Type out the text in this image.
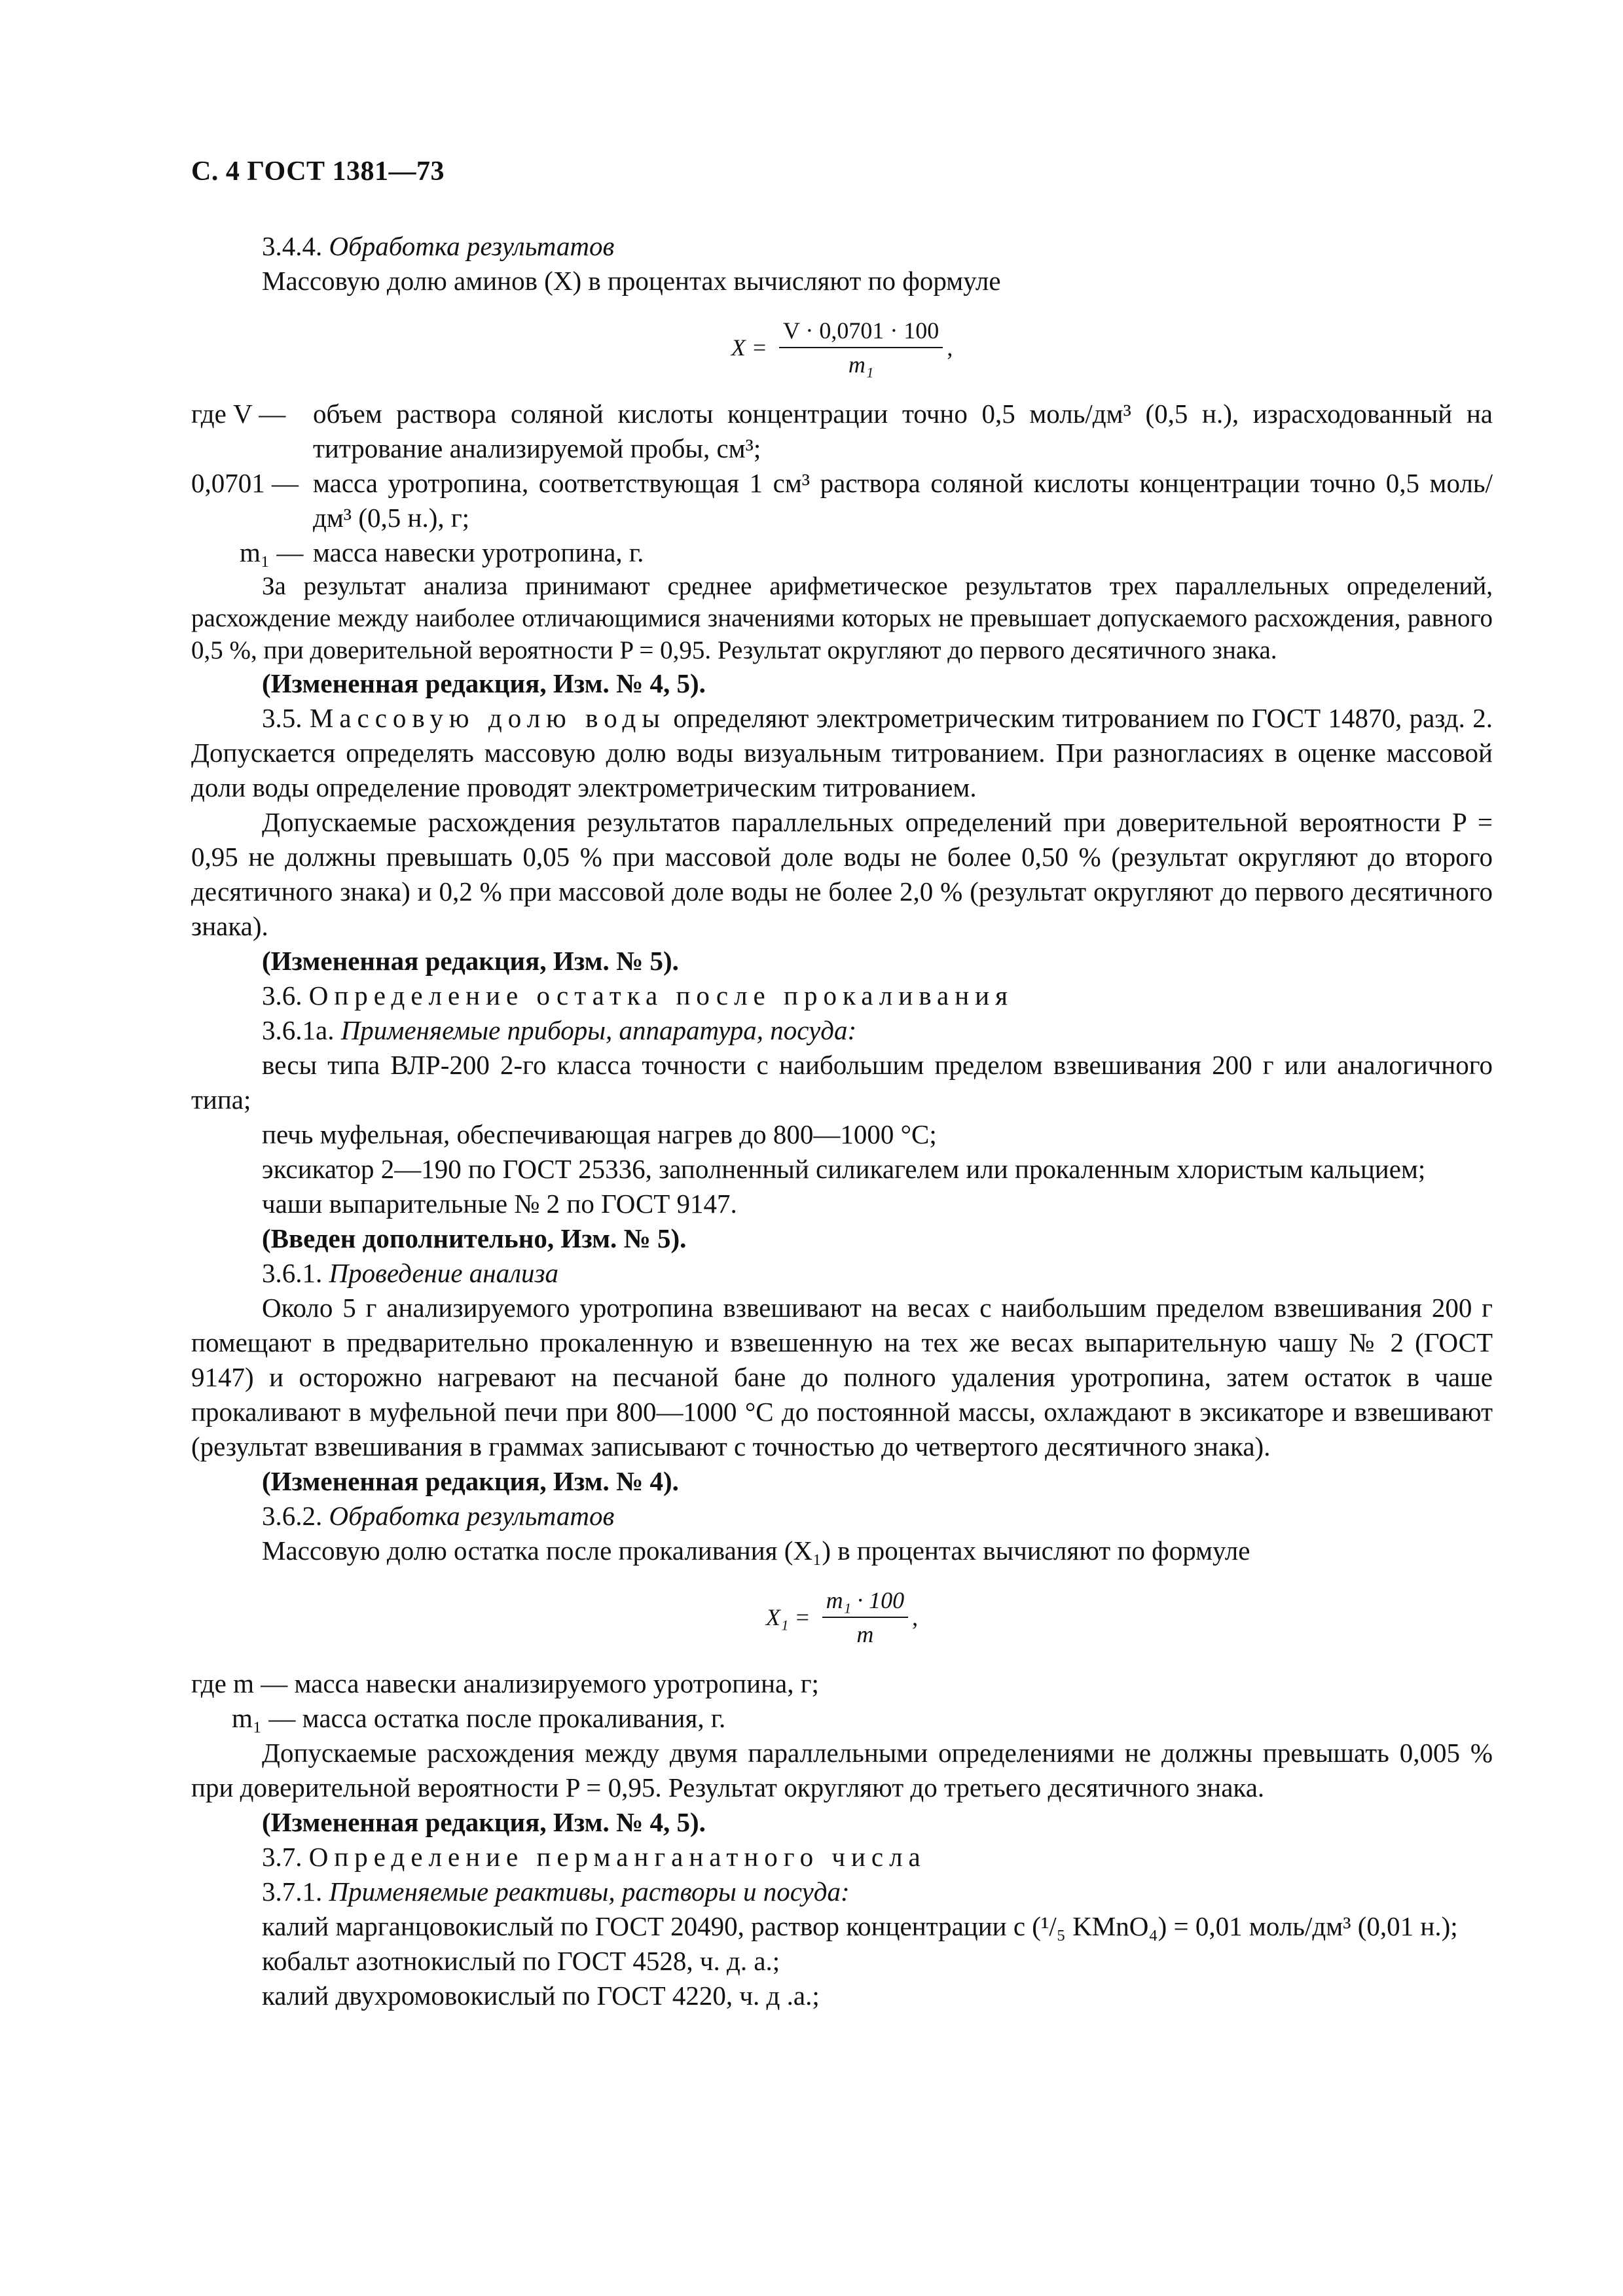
С. 4 ГОСТ 1381—73

3.4.4. Обработка результатов

Массовую долю аминов (X) в процентах вычисляют по формуле

$X = \frac{V \cdot 0,0701 \cdot 100}{\text{m₁}}$ ,
где V —	объем раствора соляной кислоты концентрации точно 0,5 моль/дм³ (0,5 н.), израсходованный на титрование анализируемой пробы, см³;

0,0701 — масса уротропина, соответствующая 1 см³ раствора соляной кислоты концентрации точно 0,5 моль/дм³ (0,5 н.), г;

m₁ — масса навески уротропина, г.

За результат анализа принимают среднее арифметическое результатов трех параллельных определений, расхождение между наиболее отличающимися значениями которых не превышает допускаемого расхождения, равного 0,5 %, при доверительной вероятности P = 0,95. Результат округляют до первого десятичного знака.

(Измененная редакция, Изм. № 4, 5).

3.5. Массовую долю воды определяют электрометрическим титрованием по ГОСТ 14870, разд. 2. Допускается определять массовую долю воды визуальным титрованием. При разногласиях в оценке массовой доли воды определение проводят электрометрическим титрованием.

Допускаемые расхождения результатов параллельных определений при доверительной вероятности P = 0,95 не должны превышать 0,05 % при массовой доле воды не более 0,50 % (результат округляют до второго десятичного знака) и 0,2 % при массовой доле воды не более 2,0 % (результат округляют до первого десятичного знака).

(Измененная редакция, Изм. № 5).

3.6. Определение остатка после прокаливания

3.6.1а. Применяемые приборы, аппаратура, посуда:

весы типа ВЛР-200 2-го класса точности с наибольшим пределом взвешивания 200 г или аналогичного типа;

печь муфельная, обеспечивающая нагрев до 800—1000 °С;

эксикатор 2—190 по ГОСТ 25336, заполненный силикагелем или прокаленным хлористым кальцием;

чаши выпарительные № 2 по ГОСТ 9147.

(Введен дополнительно, Изм. № 5).

3.6.1. Проведение анализа

Около 5 г анализируемого уротропина взвешивают на весах с наибольшим пределом взвешивания 200 г помещают в предварительно прокаленную и взвешенную на тех же весах выпарительную чашу № 2 (ГОСТ 9147) и осторожно нагревают на песчаной бане до полного удаления уротропина, затем остаток в чаше прокаливают в муфельной печи при 800—1000 °С до постоянной массы, охлаждают в эксикаторе и взвешивают (результат взвешивания в граммах записывают с точностью до четвертого десятичного знака).

(Измененная редакция, Изм. № 4).

3.6.2. Обработка результатов

Массовую долю остатка после прокаливания (X₁) в процентах вычисляют по формуле

$X_1 = \frac{\text{m₁ · 100}}{m}$ ,

где m — масса навески анализируемого уротропина, г;

m₁ — масса остатка после прокаливания, г.

Допускаемые расхождения между двумя параллельными определениями не должны превышать 0,005 % при доверительной вероятности P = 0,95. Результат округляют до третьего десятичного знака.

(Измененная редакция, Изм. № 4, 5).

3.7. Определение перманганатного числа

3.7.1. Применяемые реактивы, растворы и посуда:

калий марганцовокислый по ГОСТ 20490, раствор концентрации с (¹/₅ KMnO₄) = 0,01 моль/дм³ (0,01 н.);

кобальт азотнокислый по ГОСТ 4528, ч. д. а.;

калий двухромовокислый по ГОСТ 4220, ч. д .а.;
